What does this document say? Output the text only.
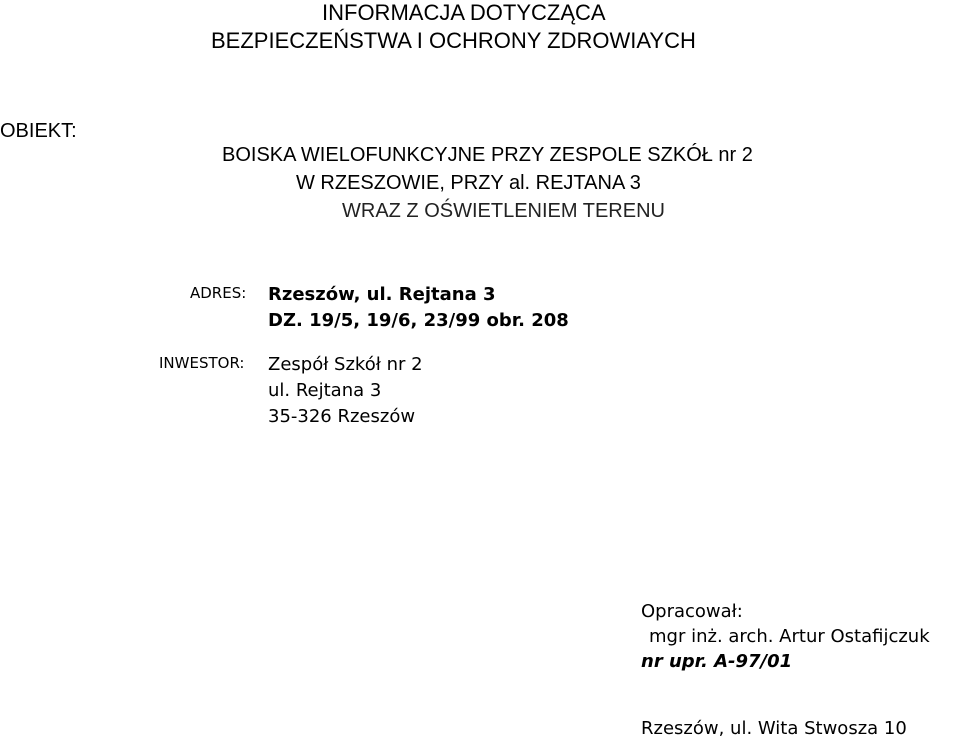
INFORMACJA DOTYCZĄCA
BEZPIECZEŃSTWA I OCHRONY ZDROWIAYCH
OBIEKT:
BOISKA WIELOFUNKCYJNE PRZY ZESPOLE SZKÓŁ nr 2
W RZESZOWIE, PRZY al. REJTANA 3
WRAZ Z OŚWIETLENIEM TERENU
ADRES: Rzeszów, ul. Rejtana 3
DZ. 19/5, 19/6, 23/99 obr. 208
INWESTOR: Zespół Szkół nr 2
ul. Rejtana 3
35-326 Rzeszów
Opracował:
mgr inż. arch. Artur Ostafijczuk
nr upr. A-97/01
Rzeszów, ul. Wita Stwosza 10
